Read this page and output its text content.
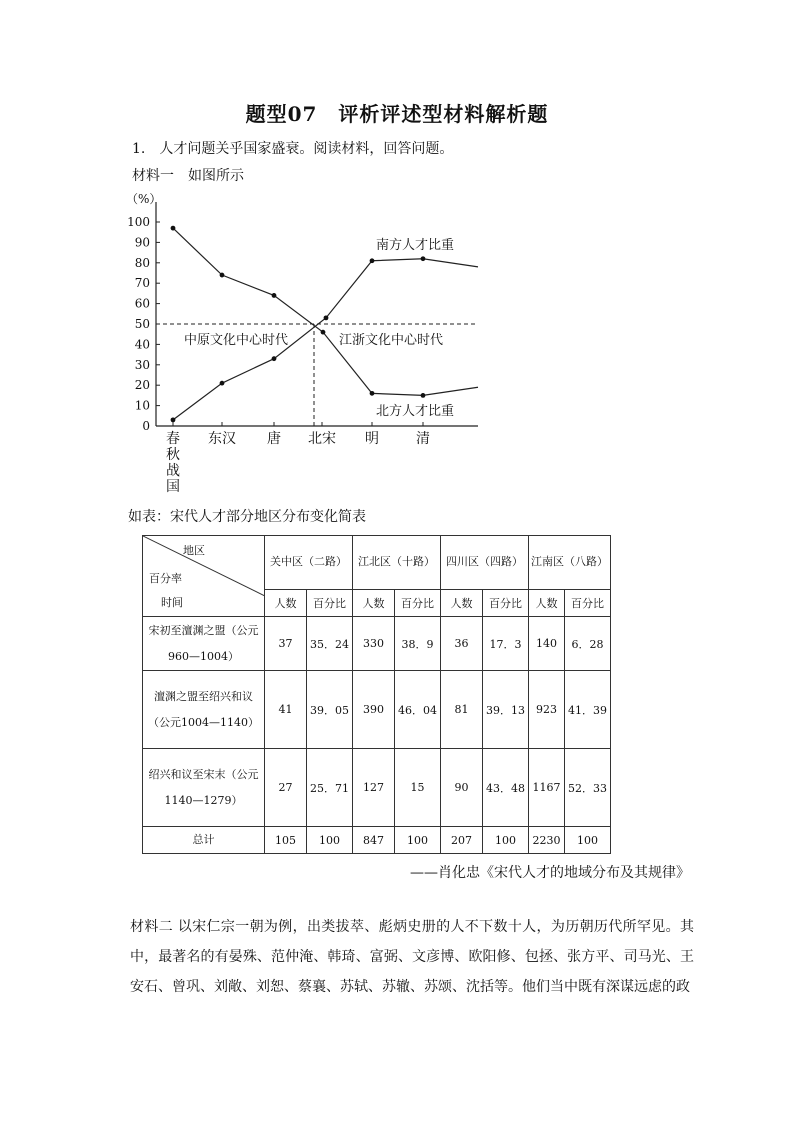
题型07　评析评述型材料解析题
1.　人才问题关乎国家盛衰。阅读材料，回答问题。
材料一　如图所示
0
10
20
30
40
50
60
70
80
90
100
（%）
春
秋
战
国
东汉 唐 北宋 明	清
南方人才比重
北方人才比重
中原文化中心时代	江浙文化中心时代
如表：宋代人才部分地区分布变化简表
地区
百分率
时间	关中区（二路）		江北区（十路）		四川区（四路）		江南区（八路）	
	人数	百分比	人数	百分比	人数	百分比	人数	百分比
宋初至澶渊之盟（公元960—1004）	37	35．24	330	38．9	36	17．3	140	6．28
澶渊之盟至绍兴和议（公元1004—1140）	41	39．05	390	46．04	81	39．13	923	41．39
绍兴和议至宋末（公元1140—1279）	27	25．71	127	15	90	43．48	1167	52．33
总计	105	100	847	100	207	100	2230	100
——肖化忠《宋代人才的地域分布及其规律》
材料二 以宋仁宗一朝为例，出类拔萃、彪炳史册的人不下数十人，为历朝历代所罕见。其中，最著名的有晏殊、范仲淹、韩琦、富弼、文彦博、欧阳修、包拯、张方平、司马光、王安石、曾巩、刘敞、刘恕、蔡襄、苏轼、苏辙、苏颂、沈括等。他们当中既有深谋远虑的政
